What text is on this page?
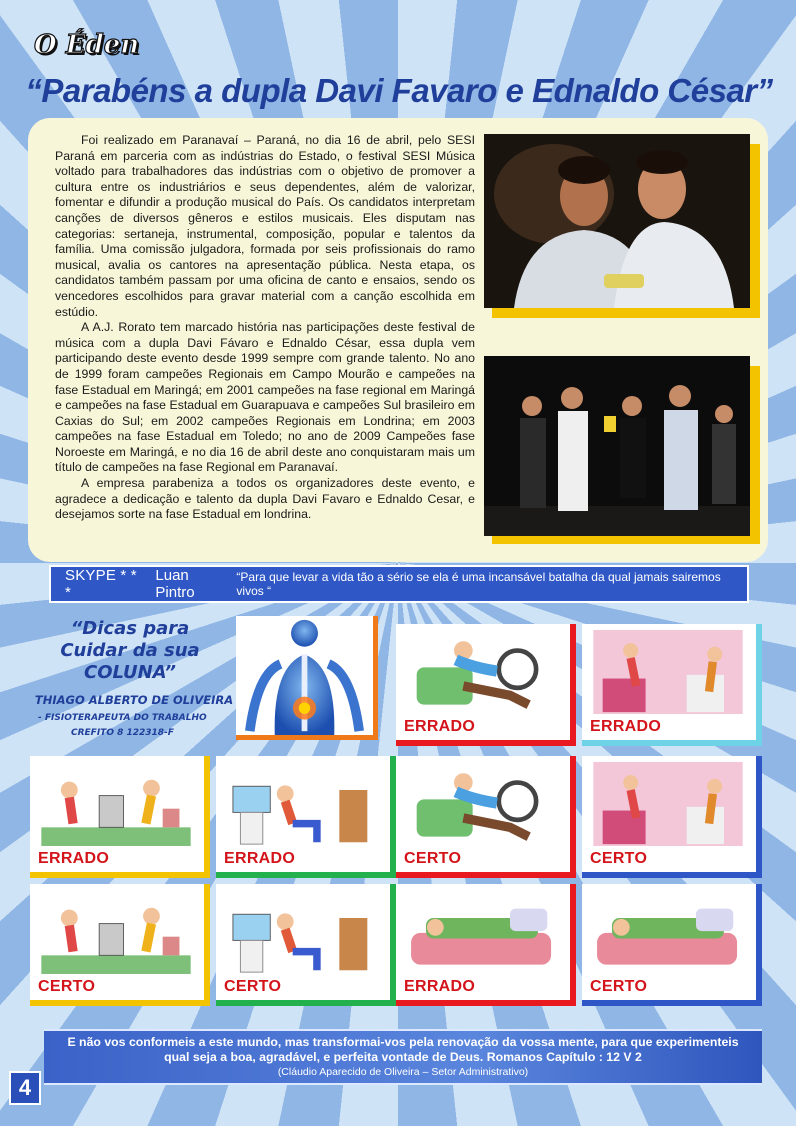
O Éden
“Parabéns a dupla Davi Favaro e Ednaldo César”

Foi realizado em Paranavaí – Paraná, no dia 16 de abril, pelo SESI Paraná em parceria com as indústrias do Estado, o festival SESI Música voltado para trabalhadores das indústrias com o objetivo de promover a cultura entre os industriários e seus dependentes, além de valorizar, fomentar e difundir a produção musical do País. Os candidatos interpretam canções de diversos gêneros e estilos musicais. Eles disputam nas categorias: sertaneja, instrumental, composição, popular e talentos da família. Uma comissão julgadora, formada por seis profissionais do ramo musical, avalia os cantores na apresentação pública. Nesta etapa, os candidatos também passam por uma oficina de canto e ensaios, sendo os vencedores escolhidos para gravar material com a canção escolhida em estúdio.

A A.J. Rorato tem marcado história nas participações deste festival de música com a dupla Davi Fávaro e Ednaldo César, essa dupla vem participando deste evento desde 1999 sempre com grande talento. No ano de 1999 foram campeões Regionais em Campo Mourão e campeões na fase Estadual em Maringá; em 2001 campeões na fase regional em Maringá e campeões na fase Estadual em Guarapuava e campeões Sul brasileiro em Caxias do Sul; em 2002 campeões Regionais em Londrina; em 2003 campeões na fase Estadual em Toledo; no ano de 2009 Campeões fase Noroeste em Maringá, e no dia 16 de abril deste ano conquistaram mais um título de campeões na fase Regional em Paranavaí.

A empresa parabeniza a todos os organizadores deste evento, e agradece a dedicação e talento da dupla Davi Favaro e Ednaldo Cesar, e desejamos sorte na fase Estadual em londrina.

SKYPE * * *
Luan Pintro
“Para que levar a vida tão a sério se ela é uma incansável batalha da qual jamais sairemos vivos “
“Dicas para
Cuidar da sua
COLUNA”
THIAGO ALBERTO DE OLIVEIRA
- FISIOTERAPEUTA DO TRABALHO
CREFITO 8 122318-F	ERRADO	ERRADO
ERRADO	ERRADO	CERTO	CERTO
CERTO	CERTO	ERRADO	CERTO
E não vos conformeis a este mundo, mas transformai-vos pela renovação da vossa mente, para que experimenteis qual seja a boa, agradável, e perfeita vontade de Deus. Romanos Capítulo : 12 V 2
(Cláudio Aparecido de Oliveira – Setor Administrativo)
4
